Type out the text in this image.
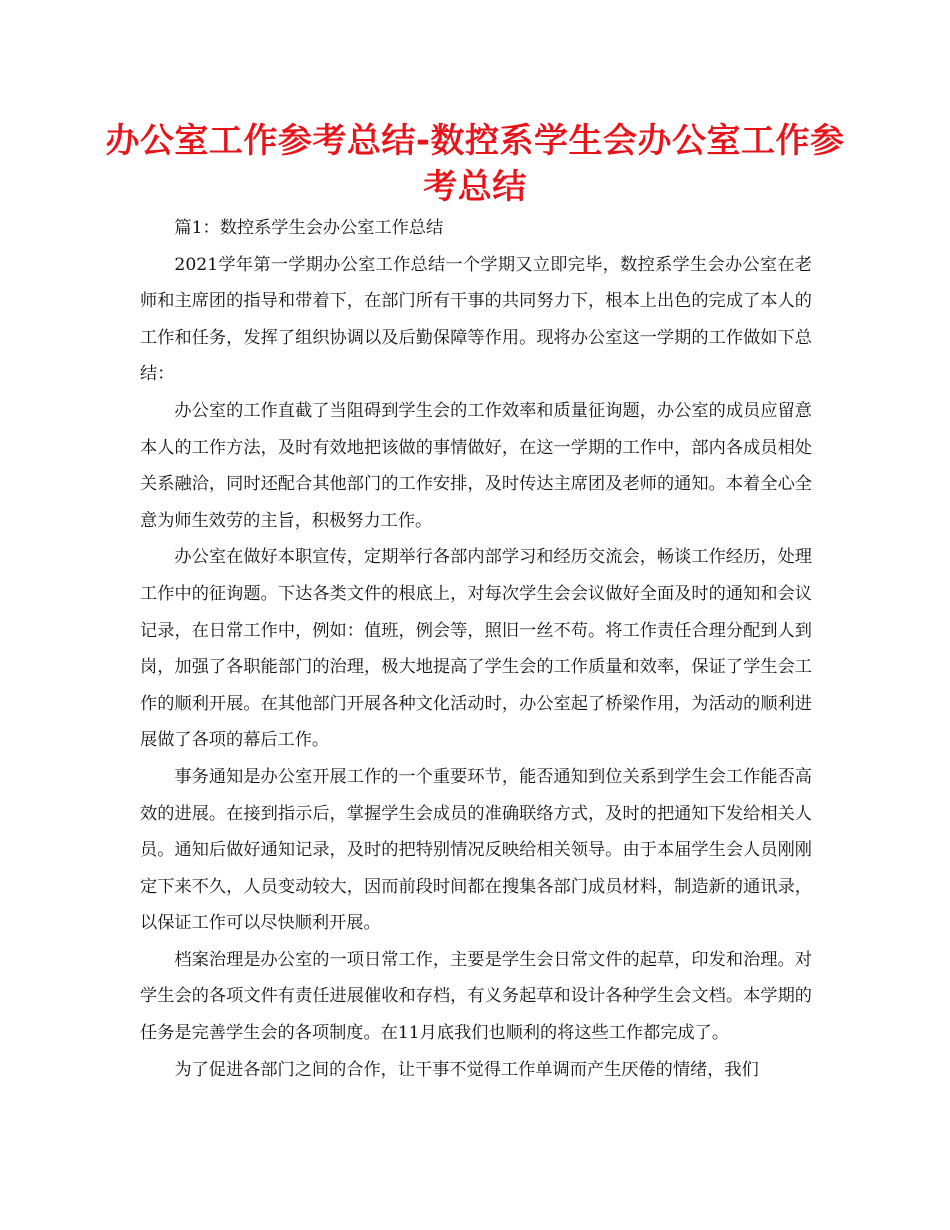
办公室工作参考总结-数控系学生会办公室工作参考总结

篇1：数控系学生会办公室工作总结

2021学年第一学期办公室工作总结一个学期又立即完毕，数控系学生会办公室在老师和主席团的指导和带着下，在部门所有干事的共同努力下，根本上出色的完成了本人的工作和任务，发挥了组织协调以及后勤保障等作用。现将办公室这一学期的工作做如下总结：

办公室的工作直截了当阻碍到学生会的工作效率和质量征询题，办公室的成员应留意本人的工作方法，及时有效地把该做的事情做好，在这一学期的工作中，部内各成员相处关系融洽，同时还配合其他部门的工作安排，及时传达主席团及老师的通知。本着全心全意为师生效劳的主旨，积极努力工作。

办公室在做好本职宣传，定期举行各部内部学习和经历交流会，畅谈工作经历，处理工作中的征询题。下达各类文件的根底上，对每次学生会会议做好全面及时的通知和会议记录，在日常工作中，例如：值班，例会等，照旧一丝不苟。将工作责任合理分配到人到岗，加强了各职能部门的治理，极大地提高了学生会的工作质量和效率，保证了学生会工作的顺利开展。在其他部门开展各种文化活动时，办公室起了桥梁作用，为活动的顺利进展做了各项的幕后工作。

事务通知是办公室开展工作的一个重要环节，能否通知到位关系到学生会工作能否高效的进展。在接到指示后，掌握学生会成员的准确联络方式，及时的把通知下发给相关人员。通知后做好通知记录，及时的把特别情况反映给相关领导。由于本届学生会人员刚刚定下来不久，人员变动较大，因而前段时间都在搜集各部门成员材料，制造新的通讯录，以保证工作可以尽快顺利开展。

档案治理是办公室的一项日常工作，主要是学生会日常文件的起草，印发和治理。对学生会的各项文件有责任进展催收和存档，有义务起草和设计各种学生会文档。本学期的任务是完善学生会的各项制度。在11月底我们也顺利的将这些工作都完成了。

为了促进各部门之间的合作，让干事不觉得工作单调而产生厌倦的情绪，我们
